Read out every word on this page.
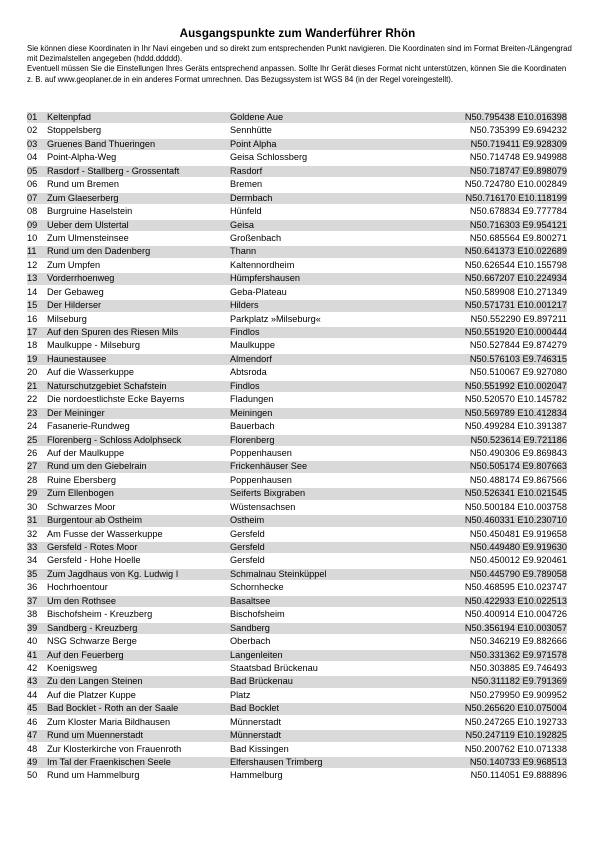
Ausgangspunkte zum Wanderführer Rhön

Sie können diese Koordinaten in Ihr Navi eingeben und so direkt zum entsprechenden Punkt navigieren. Die Koordinaten sind im Format Breiten-/Längengrad mit Dezimalstellen angegeben (hddd.ddddd).

Eventuell müssen Sie die Einstellungen Ihres Geräts entsprechend anpassen. Sollte Ihr Gerät dieses Format nicht unterstützen, können Sie die Koordinaten z. B. auf www.geoplaner.de in ein anderes Format umrechnen. Das Bezugssystem ist WGS 84 (in der Regel voreingestellt).

01	Keltenpfad	Goldene Aue	N50.795438 E10.016398
02	Stoppelsberg	Sennhütte	N50.735399 E9.694232
03	Gruenes Band Thueringen	Point Alpha	N50.719411 E9.928309
04	Point-Alpha-Weg	Geisa Schlossberg	N50.714748 E9.949988
05	Rasdorf - Stallberg - Grossentaft	Rasdorf	N50.718747 E9.898079
06	Rund um Bremen	Bremen	N50.724780 E10.002849
07	Zum Glaeserberg	Dermbach	N50.716170 E10.118199
08	Burgruine Haselstein	Hünfeld	N50.678834 E9.777784
09	Ueber dem Ulstertal	Geisa	N50.716303 E9.954121
10	Zum Ulmensteinsee	Großenbach	N50.685564 E9.800271
11	Rund um den Dadenberg	Thann	N50.641373 E10.022689
12	Zum Umpfen	Kaltennordheim	N50.626544 E10.155798
13	Vorderrhoenweg	Hümpfershausen	N50.667207 E10.224934
14	Der Gebaweg	Geba-Plateau	N50.589908 E10.271349
15	Der Hilderser	Hilders	N50.571731 E10.001217
16	Milseburg	Parkplatz »Milseburg«	N50.552290 E9.897211
17	Auf den Spuren des Riesen Mils	Findlos	N50.551920 E10.000444
18	Maulkuppe - Milseburg	Maulkuppe	N50.527844 E9.874279
19	Haunestausee	Almendorf	N50.576103 E9.746315
20	Auf die Wasserkuppe	Abtsroda	N50.510067 E9.927080
21	Naturschutzgebiet Schafstein	Findlos	N50.551992 E10.002047
22	Die nordoestlichste Ecke Bayerns	Fladungen	N50.520570 E10.145782
23	Der Meininger	Meiningen	N50.569789 E10.412834
24	Fasanerie-Rundweg	Bauerbach	N50.499284 E10.391387
25	Florenberg - Schloss Adolphseck	Florenberg	N50.523614 E9.721186
26	Auf der Maulkuppe	Poppenhausen	N50.490306 E9.869843
27	Rund um den Giebelrain	Frickenhäuser See	N50.505174 E9.807663
28	Ruine Ebersberg	Poppenhausen	N50.488174 E9.867566
29	Zum Ellenbogen	Seiferts Bixgraben	N50.526341 E10.021545
30	Schwarzes Moor	Wüstensachsen	N50.500184 E10.003758
31	Burgentour ab Ostheim	Ostheim	N50.460331 E10.230710
32	Am Fusse der Wasserkuppe	Gersfeld	N50.450481 E9.919658
33	Gersfeld - Rotes Moor	Gersfeld	N50.449480 E9.919630
34	Gersfeld - Hohe Hoelle	Gersfeld	N50.450012 E9.920461
35	Zum Jagdhaus von Kg. Ludwig I	Schmalnau Steinküppel	N50.445790 E9.789058
36	Hochrhoentour	Schornhecke	N50.468595 E10.023747
37	Um den Rothsee	Basaltsee	N50.422933 E10.022513
38	Bischofsheim - Kreuzberg	Bischofsheim	N50.400914 E10.004726
39	Sandberg - Kreuzberg	Sandberg	N50.356194 E10.003057
40	NSG Schwarze Berge	Oberbach	N50.346219 E9.882666
41	Auf den Feuerberg	Langenleiten	N50.331362 E9.971578
42	Koenigsweg	Staatsbad Brückenau	N50.303885 E9.746493
43	Zu den Langen Steinen	Bad Brückenau	N50.311182 E9.791369
44	Auf die Platzer Kuppe	Platz	N50.279950 E9.909952
45	Bad Bocklet - Roth an der Saale	Bad Bocklet	N50.265620 E10.075004
46	Zum Kloster Maria Bildhausen	Münnerstadt	N50.247265 E10.192733
47	Rund um Muennerstadt	Münnerstadt	N50.247119 E10.192825
48	Zur Klosterkirche von Frauenroth	Bad Kissingen	N50.200762 E10.071338
49	Im Tal der Fraenkischen Seele	Elfershausen Trimberg	N50.140733 E9.968513
50	Rund um Hammelburg	Hammelburg	N50.114051 E9.888896
